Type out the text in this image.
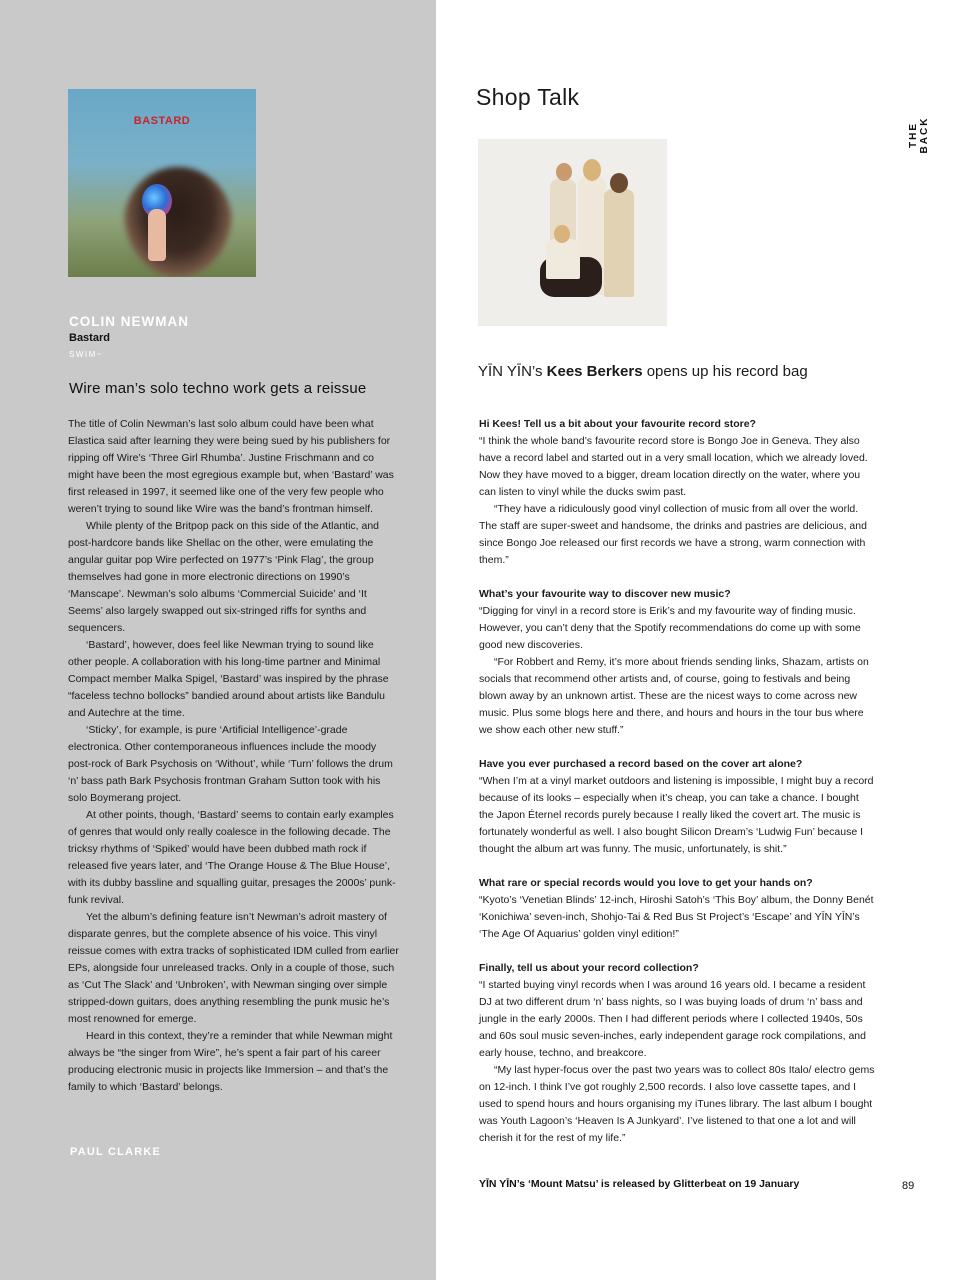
BASTARD
COLIN NEWMAN
Bastard
SWIM~
Wire man’s solo techno work gets a reissue

The title of Colin Newman’s last solo album could have been what Elastica said after learning they were being sued by his publishers for ripping off Wire’s ‘Three Girl Rhumba’. Justine Frischmann and co might have been the most egregious example but, when ‘Bastard’ was first released in 1997, it seemed like one of the very few people who weren’t trying to sound like Wire was the band’s frontman himself.

While plenty of the Britpop pack on this side of the Atlantic, and post-hardcore bands like Shellac on the other, were emulating the angular guitar pop Wire perfected on 1977’s ‘Pink Flag’, the group themselves had gone in more electronic directions on 1990’s ‘Manscape’. Newman’s solo albums ‘Commercial Suicide’ and ‘It Seems’ also largely swapped out six-stringed riffs for synths and sequencers.

‘Bastard’, however, does feel like Newman trying to sound like other people. A collaboration with his long-time partner and Minimal Compact member Malka Spigel, ‘Bastard’ was inspired by the phrase “faceless techno bollocks” bandied around about artists like Bandulu and Autechre at the time.

‘Sticky’, for example, is pure ‘Artificial Intelligence’-grade electronica. Other contemporaneous influences include the moody post-rock of Bark Psychosis on ‘Without’, while ‘Turn’ follows the drum ‘n’ bass path Bark Psychosis frontman Graham Sutton took with his solo Boymerang project.

At other points, though, ‘Bastard’ seems to contain early examples of genres that would only really coalesce in the following decade. The tricksy rhythms of ‘Spiked’ would have been dubbed math rock if released five years later, and ‘The Orange House & The Blue House’, with its dubby bassline and squalling guitar, presages the 2000s’ punk-funk revival.

Yet the album’s defining feature isn’t Newman’s adroit mastery of disparate genres, but the complete absence of his voice. This vinyl reissue comes with extra tracks of sophisticated IDM culled from earlier EPs, alongside four unreleased tracks. Only in a couple of those, such as ‘Cut The Slack’ and ‘Unbroken’, with Newman singing over simple stripped-down guitars, does anything resembling the punk music he’s most renowned for emerge.

Heard in this context, they’re a reminder that while Newman might always be “the singer from Wire”, he’s spent a fair part of his career producing electronic music in projects like Immersion – and that’s the family to which ‘Bastard’ belongs.

PAUL CLARKE
Shop Talk
THE BACK
YĪN YĪN’s Kees Berkers opens up his record bag

Hi Kees! Tell us a bit about your favourite record store?

“I think the whole band’s favourite record store is Bongo Joe in Geneva. They also have a record label and started out in a very small location, which we already loved. Now they have moved to a bigger, dream location directly on the water, where you can listen to vinyl while the ducks swim past.

“They have a ridiculously good vinyl collection of music from all over the world. The staff are super-sweet and handsome, the drinks and pastries are delicious, and since Bongo Joe released our first records we have a strong, warm connection with them.”

What’s your favourite way to discover new music?

“Digging for vinyl in a record store is Erik’s and my favourite way of finding music. However, you can’t deny that the Spotify recommendations do come up with some good new discoveries.

“For Robbert and Remy, it’s more about friends sending links, Shazam, artists on socials that recommend other artists and, of course, going to festivals and being blown away by an unknown artist. These are the nicest ways to come across new music. Plus some blogs here and there, and hours and hours in the tour bus where we show each other new stuff.”

Have you ever purchased a record based on the cover art alone?

“When I’m at a vinyl market outdoors and listening is impossible, I might buy a record because of its looks – especially when it’s cheap, you can take a chance. I bought the Japon Éternel records purely because I really liked the covert art. The music is fortunately wonderful as well. I also bought Silicon Dream’s ‘Ludwig Fun’ because I thought the album art was funny. The music, unfortunately, is shit.”

What rare or special records would you love to get your hands on?

“Kyoto’s ‘Venetian Blinds’ 12-inch, Hiroshi Satoh’s ‘This Boy’ album, the Donny Benét ‘Konichiwa’ seven-inch, Shohjo-Tai & Red Bus St Project’s ‘Escape’ and YĪN YĪN’s ‘The Age Of Aquarius’ golden vinyl edition!”

Finally, tell us about your record collection?

“I started buying vinyl records when I was around 16 years old. I became a resident DJ at two different drum ‘n’ bass nights, so I was buying loads of drum ‘n’ bass and jungle in the early 2000s. Then I had different periods where I collected 1940s, 50s and 60s soul music seven-inches, early independent garage rock compilations, and early house, techno, and breakcore.

“My last hyper-focus over the past two years was to collect 80s Italo/ electro gems on 12-inch. I think I’ve got roughly 2,500 records. I also love cassette tapes, and I used to spend hours and hours organising my iTunes library. The last album I bought was Youth Lagoon’s ‘Heaven Is A Junkyard’. I’ve listened to that one a lot and will cherish it for the rest of my life.”

YĪN YĪN’s ‘Mount Matsu’ is released by Glitterbeat on 19 January	89
